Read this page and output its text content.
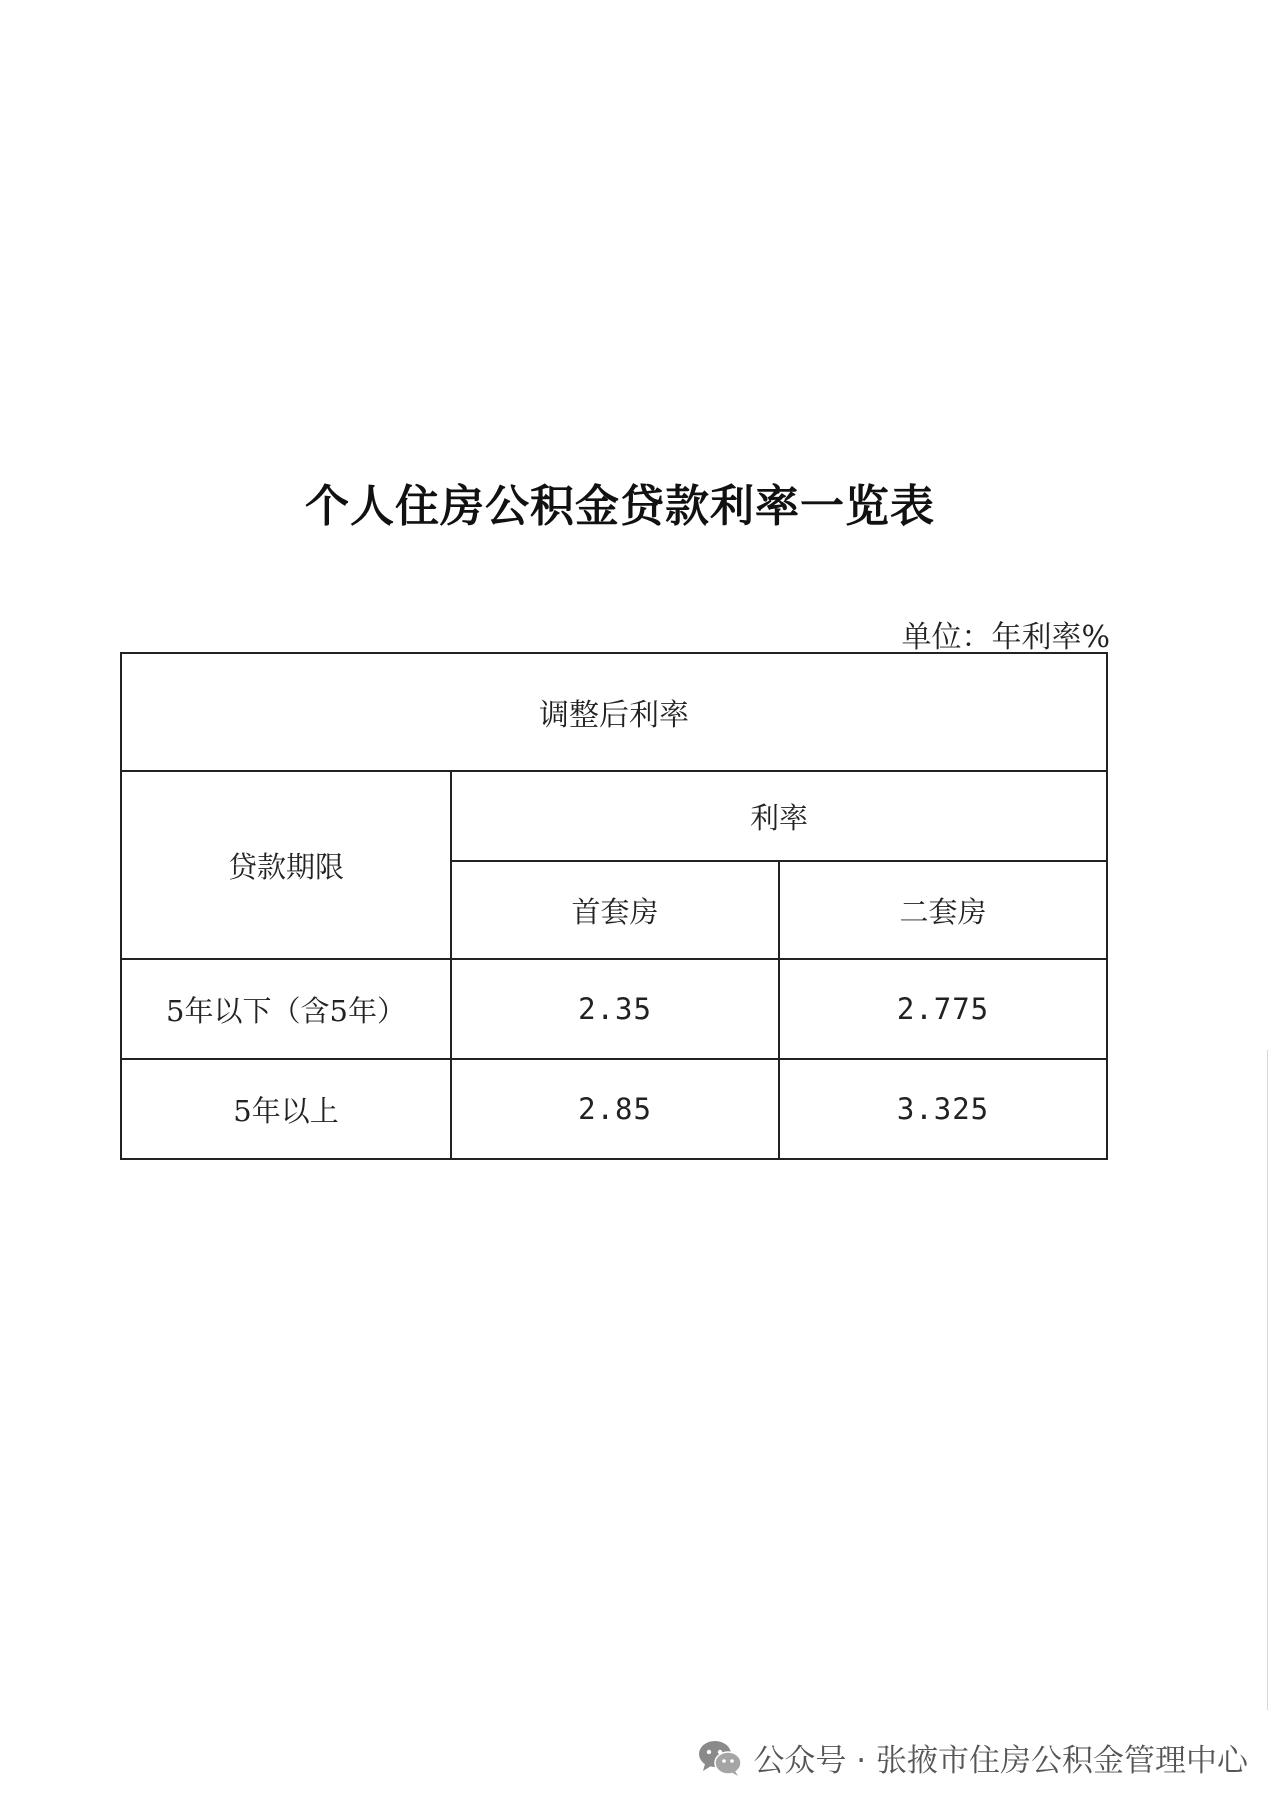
个人住房公积金贷款利率一览表
单位：年利率%
调整后利率		
贷款期限	利率	
	首套房	二套房
5年以下（含5年）	2.35	2.775
5年以上	2.85	3.325
公众号 · 张掖市住房公积金管理中心
